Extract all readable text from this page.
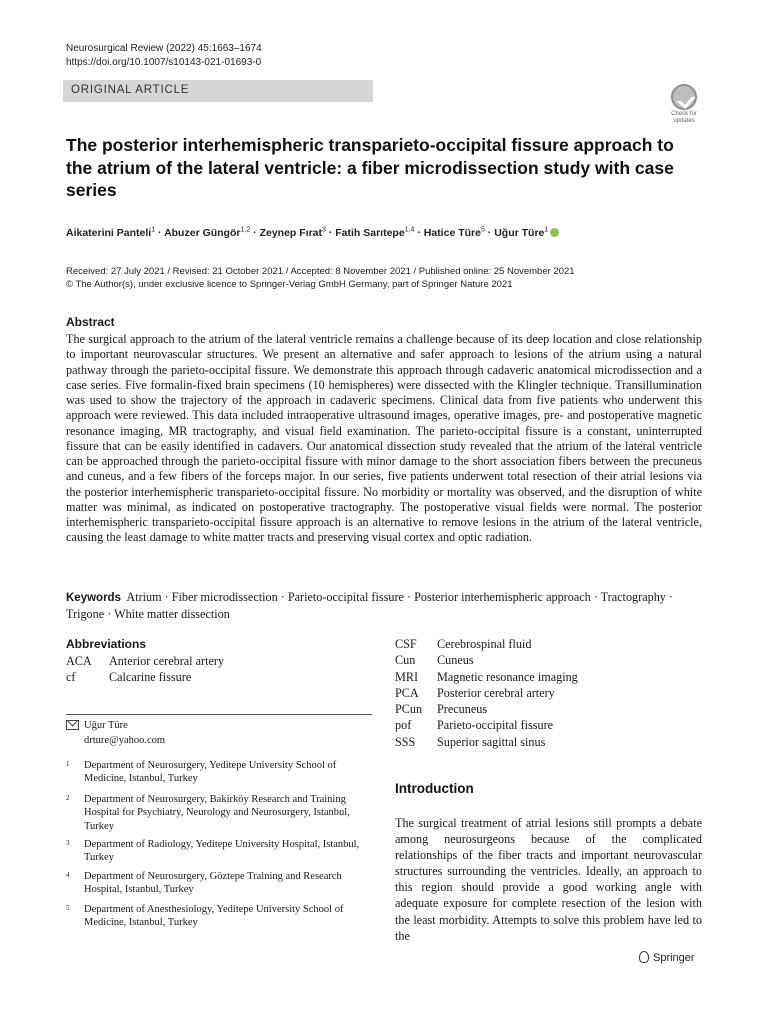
Neurosurgical Review (2022) 45:1663–1674
https://doi.org/10.1007/s10143-021-01693-0
ORIGINAL ARTICLE
Check for updates
The posterior interhemispheric transparieto-occipital fissure approach to the atrium of the lateral ventricle: a fiber microdissection study with case series
Aikaterini Panteli$^1$ · Abuzer Güngör$^{1,2}$ · Zeynep Fırat$^3$ · Fatih Sarıtepe$^{1,4}$ · Hatice Türe$^5$ · Uğur Türe$^1$
Received: 27 July 2021 / Revised: 21 October 2021 / Accepted: 8 November 2021 / Published online: 25 November 2021
© The Author(s), under exclusive licence to Springer-Verlag GmbH Germany, part of Springer Nature 2021
Abstract

The surgical approach to the atrium of the lateral ventricle remains a challenge because of its deep location and close relationship to important neurovascular structures. We present an alternative and safer approach to lesions of the atrium using a natural pathway through the parieto-occipital fissure. We demonstrate this approach through cadaveric anatomical microdissection and a case series. Five formalin-fixed brain specimens (10 hemispheres) were dissected with the Klingler technique. Transillumination was used to show the trajectory of the approach in cadaveric specimens. Clinical data from five patients who underwent this approach were reviewed. This data included intraoperative ultrasound images, operative images, pre- and postoperative magnetic resonance imaging, MR tractography, and visual field examination. The parieto-occipital fissure is a constant, uninterrupted fissure that can be easily identified in cadavers. Our anatomical dissection study revealed that the atrium of the lateral ventricle can be approached through the parieto-occipital fissure with minor damage to the short association fibers between the precuneus and cuneus, and a few fibers of the forceps major. In our series, five patients underwent total resection of their atrial lesions via the posterior interhemispheric transparieto-occipital fissure. No morbidity or mortality was observed, and the disruption of white matter was minimal, as indicated on postoperative tractography. The postoperative visual fields were normal. The posterior interhemispheric transparieto-occipital fissure approach is an alternative to remove lesions in the atrium of the lateral ventricle, causing the least damage to white matter tracts and preserving visual cortex and optic radiation.

Keywords Atrium · Fiber microdissection · Parieto-occipital fissure · Posterior interhemispheric approach · Tractography · Trigone · White matter dissection

Abbreviations
ACA	Anterior cerebral artery
cf	Calcarine fissure
CSF	Cerebrospinal fluid
Cun	Cuneus
MRI	Magnetic resonance imaging
PCA	Posterior cerebral artery
PCun	Precuneus
pof	Parieto-occipital fissure
SSS	Superior sagittal sinus
Uğur Türe
drture@yahoo.com
1 Department of Neurosurgery, Yeditepe University School of Medicine, Istanbul, Turkey
2 Department of Neurosurgery, Bakirköy Research and Training Hospital for Psychiatry, Neurology and Neurosurgery, Istanbul, Turkey
3 Department of Radiology, Yeditepe University Hospital, Istanbul, Turkey
4 Department of Neurosurgery, Göztepe Training and Research Hospital, Istanbul, Turkey
5 Department of Anesthesiology, Yeditepe University School of Medicine, Istanbul, Turkey
Introduction

The surgical treatment of atrial lesions still prompts a debate among neurosurgeons because of the complicated relationships of the fiber tracts and important neurovascular structures surrounding the ventricles. Ideally, an approach to this region should provide a good working angle with adequate exposure for complete resection of the lesion with the least morbidity. Attempts to solve this problem have led to the

Springer
